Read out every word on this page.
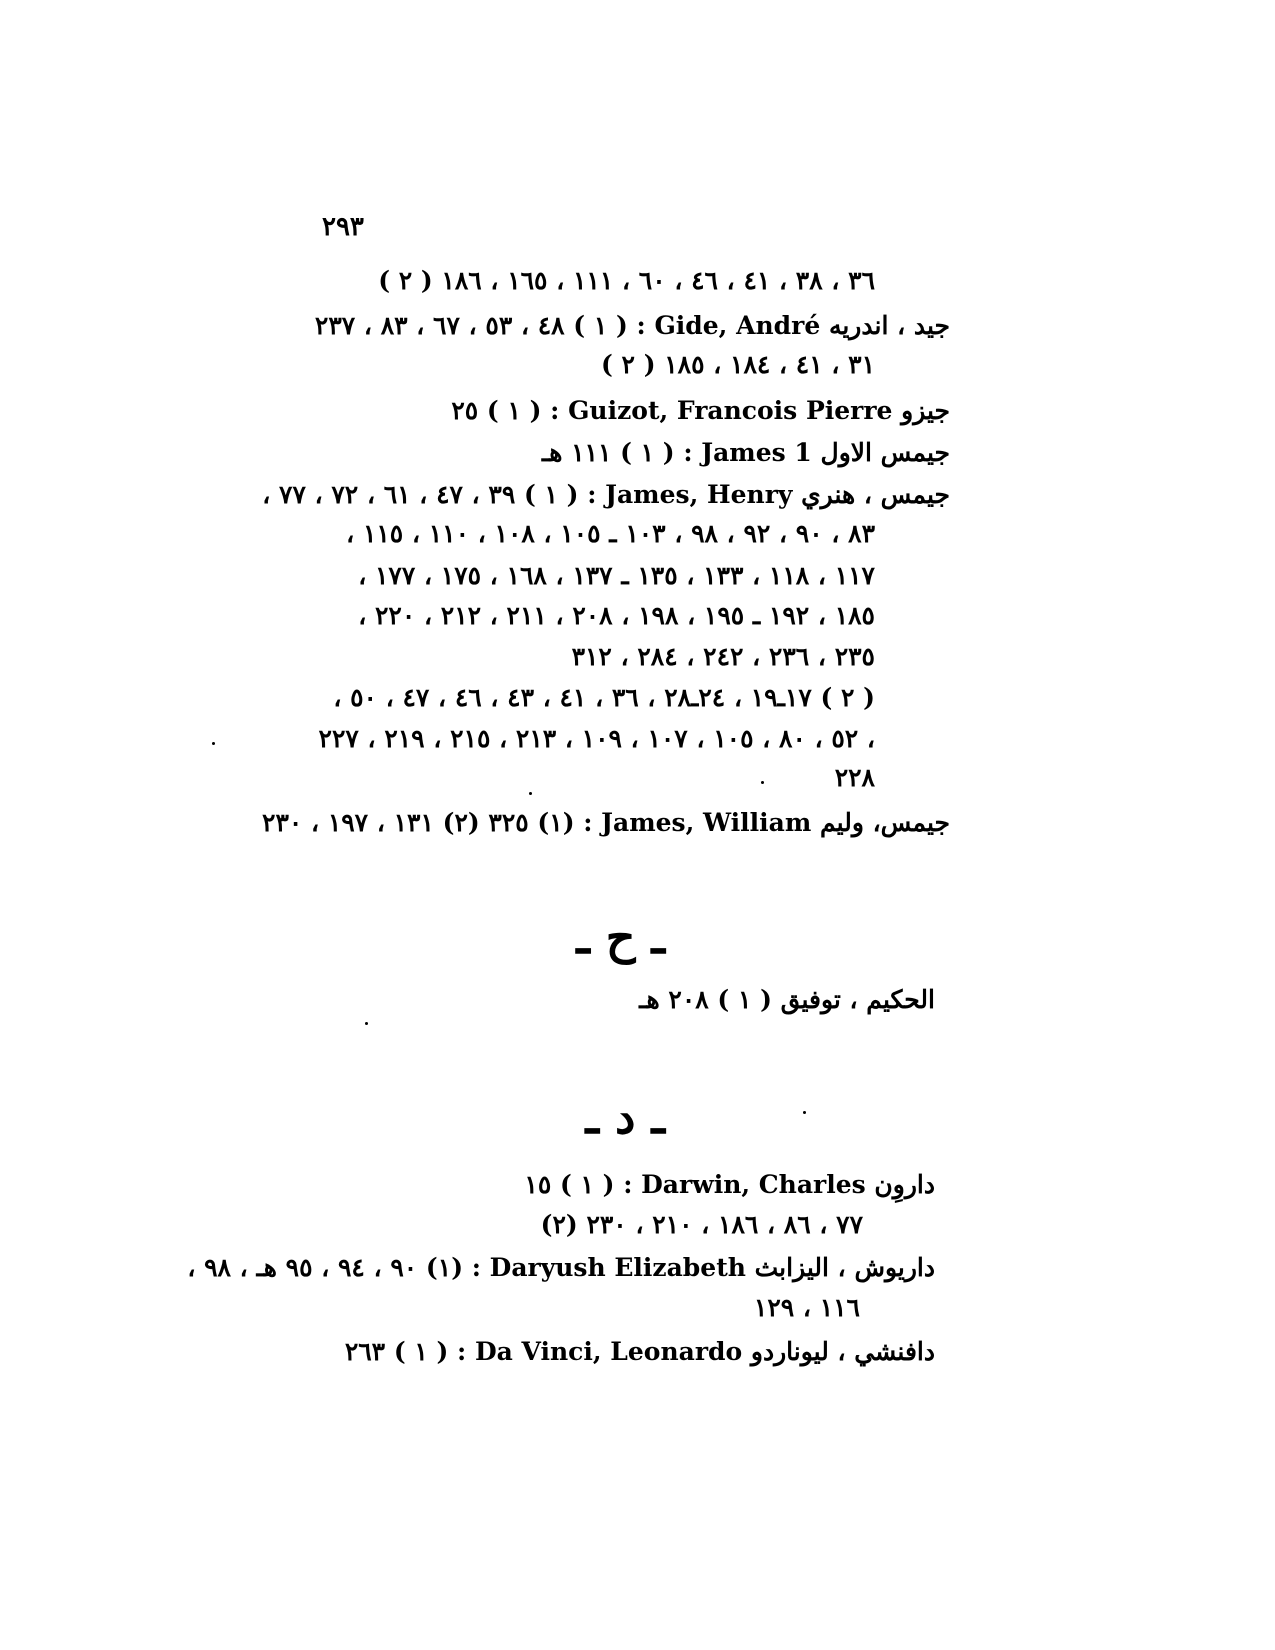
٢٩٣
( ٢ ) ٣٦ ، ٣٨ ، ٤١ ، ٤٦ ، ٦٠ ، ١١١ ، ١٦٥ ، ١٨٦
جيد ، اندريه Gide, André : ( ١ ) ٤٨ ، ٥٣ ، ٦٧ ، ٨٣ ، ٢٣٧
( ٢ ) ٣١ ، ٤١ ، ١٨٤ ، ١٨٥
جيزو Guizot, Francois Pierre : ( ١ ) ٢٥
جيمس الاول James 1 : ( ١ ) ١١١ هـ
جيمس ، هنري James, Henry : ( ١ ) ٣٩ ، ٤٧ ، ٦١ ، ٧٢ ، ٧٧ ،
٨٣ ، ٩٠ ، ٩٢ ، ٩٨ ، ١٠٣ ـ ١٠٥ ، ١٠٨ ، ١١٠ ، ١١٥ ،
١١٧ ، ١١٨ ، ١٣٣ ، ١٣٥ ـ ١٣٧ ، ١٦٨ ، ١٧٥ ، ١٧٧ ،
١٨٥ ، ١٩٢ ـ ١٩٥ ، ١٩٨ ، ٢٠٨ ، ٢١١ ، ٢١٢ ، ٢٢٠ ،
٢٣٥ ، ٢٣٦ ، ٢٤٢ ، ٢٨٤ ، ٣١٢
( ٢ ) ١٧ـ١٩ ، ٢٤ـ٢٨ ، ٣٦ ، ٤١ ، ٤٣ ، ٤٦ ، ٤٧ ، ٥٠ ،
٥٢ ، ٨٠ ، ١٠٥ ، ١٠٧ ، ١٠٩ ، ٢١٣ ، ٢١٥ ، ٢١٩ ، ٢٢٧ ،
٢٢٨
جيمس، وليم James, William : (١) ٣٢٥ (٢) ١٣١ ، ١٩٧ ، ٢٣٠
ـ ح ـ
الحكيم ، توفيق ( ١ ) ٢٠٨ هـ
ـ د ـ
داروِن Darwin, Charles : ( ١ ) ١٥
(٢) ٧٧ ، ٨٦ ، ١٨٦ ، ٢١٠ ، ٢٣٠
داريوش ، اليزابث Daryush Elizabeth : (١) ٩٠ ، ٩٤ ، ٩٥ هـ ، ٩٨ ،
١١٦ ، ١٢٩
دافنشي ، ليوناردو Da Vinci, Leonardo : ( ١ ) ٢٦٣
